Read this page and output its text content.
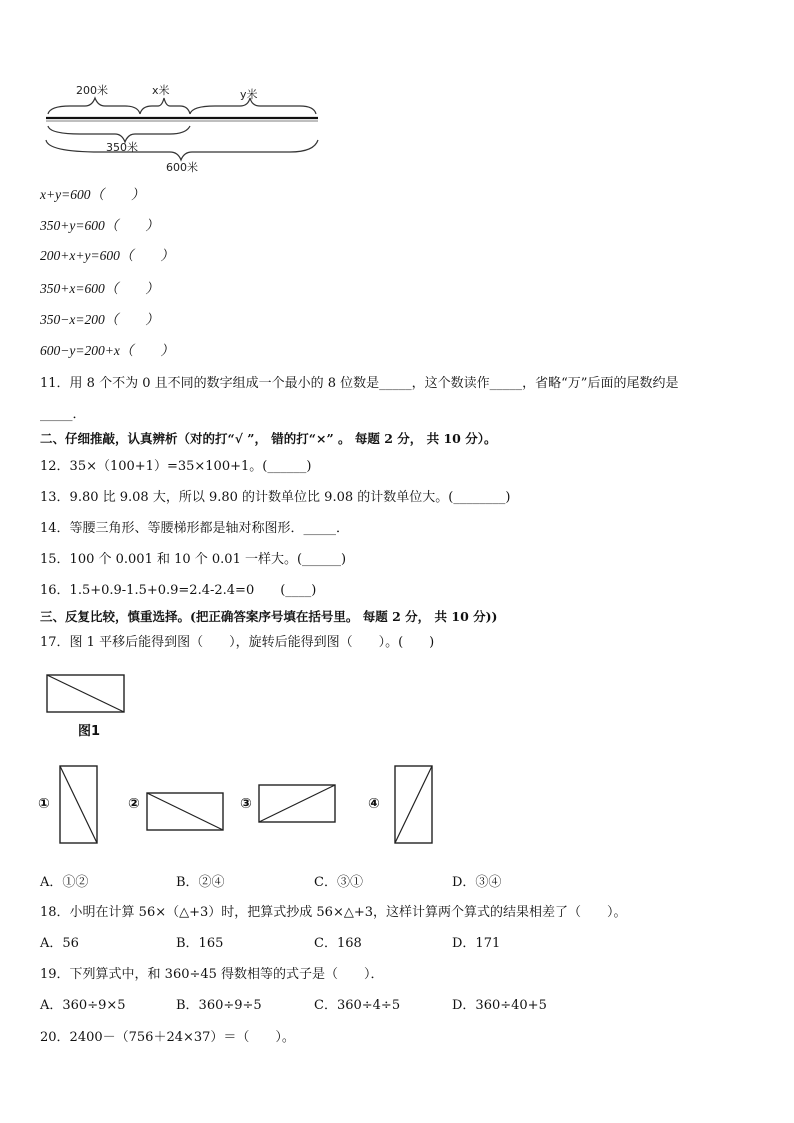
200米	x米	y米
350米
600米
x+y=600（　　）
350+y=600（　　）
200+x+y=600（　　）
350+x=600（　　）
350−x=200（　　）
600−y=200+x（　　）
11．用 8 个不为 0 且不同的数字组成一个最小的 8 位数是_____，这个数读作_____，省略“万”后面的尾数约是
_____．
二、仔细推敲，认真辨析（对的打“√ ”， 错的打“×” 。 每题 2 分， 共 10 分）。
12．35×（100+1）=35×100+1。(______)
13．9.80 比 9.08 大，所以 9.80 的计数单位比 9.08 的计数单位大。(________)
14．等腰三角形、等腰梯形都是轴对称图形．_____．
15．100 个 0.001 和 10 个 0.01 一样大。(______)
16．1.5+0.9-1.5+0.9=2.4-2.4=0　　(____)
三、反复比较，慎重选择。(把正确答案序号填在括号里。 每题 2 分， 共 10 分))
17．图 1 平移后能得到图（　　），旋转后能得到图（　　）。(　　)
图1
①	②	③	④
A．①②	B．②④	C．③①	D．③④
18．小明在计算 56×（△+3）时，把算式抄成 56×△+3，这样计算两个算式的结果相差了（　　）。
A．56	B．165	C．168	D．171
19．下列算式中，和 360÷45 得数相等的式子是（　　）．
A．360÷9×5	B．360÷9÷5	C．360÷4÷5	D．360÷40+5
20．2400－（756＋24×37）＝（　　）。
